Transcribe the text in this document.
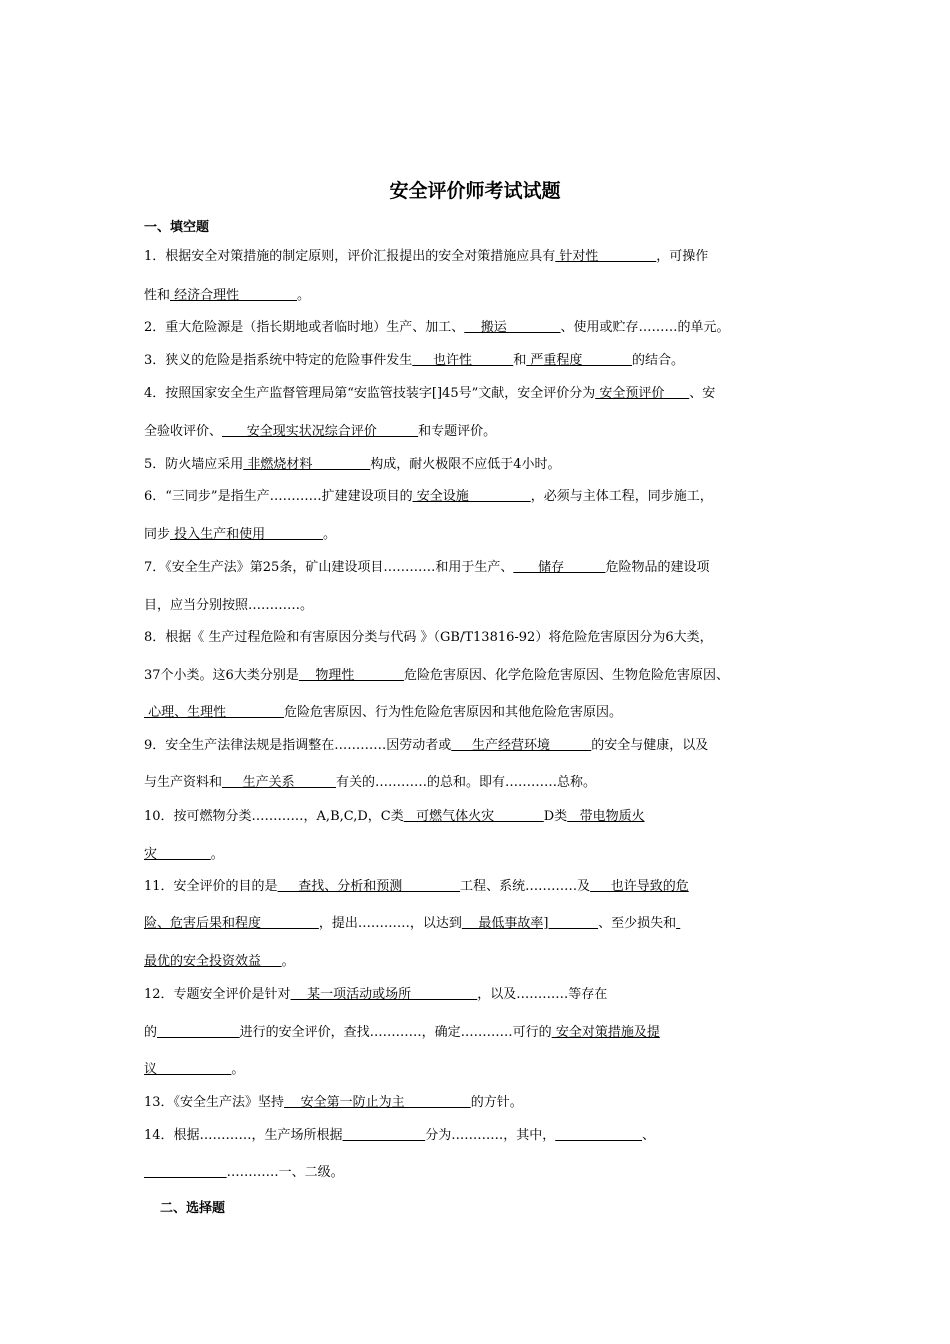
安全评价师考试试题
一、填空题
二、选择题
1．根据安全对策措施的制定原则，评价汇报提出的安全对策措施应具有 针对性              ，可操作
性和 经济合理性              。
2．重大危险源是（指长期地或者临时地）生产、加工、    搬运             、使用或贮存………的单元。
3．狭义的危险是指系统中特定的危险事件发生     也许性          和 严重程度            的结合。
4．按照国家安全生产监督管理局第“安监管技装字[]45号”文献，安全评价分为 安全预评价      、安
全验收评价、      安全现实状况综合评价          和专题评价。
5．防火墙应采用 非燃烧材料              构成，耐火极限不应低于4小时。
6．“三同步”是指生产…………扩建建设项目的 安全设施               ，必须与主体工程，同步施工，
同步 投入生产和使用              。
7．《安全生产法》第25条，矿山建设项目…………和用于生产、      储存          危险物品的建设项
目，应当分别按照…………。
8．根据《 生产过程危险和有害原因分类与代码 》（GB/T13816-92）将危险危害原因分为6大类，
37个小类。这6大类分别是    物理性            危险危害原因、化学危险危害原因、生物危险危害原因、
心理、生理性              危险危害原因、行为性危险危害原因和其他危险危害原因。
9．安全生产法律法规是指调整在…………因劳动者或     生产经营环境          的安全与健康，以及
与生产资料和     生产关系          有关的…………的总和。即有…………总称。
10．按可燃物分类…………，A,B,C,D，C类   可燃气体火灾            D类   带电物质火
灾             。
11．安全评价的目的是     查找、分析和预测              工程、系统…………及     也许导致的危
险、危害后果和程度              ，提出…………，以达到    最低事故率]            、至少损失和
最优的安全投资效益     。
12．专题安全评价是针对    某一项活动或场所                ，以及…………等存在
的	进行的安全评价，查找…………，确定…………可行的 安全对策措施及提
议                  。
13．《安全生产法》坚持    安全第一防止为主                的方针。
14．根据…………，生产场所根据	分为…………，其中，	、
…………一、二级。
